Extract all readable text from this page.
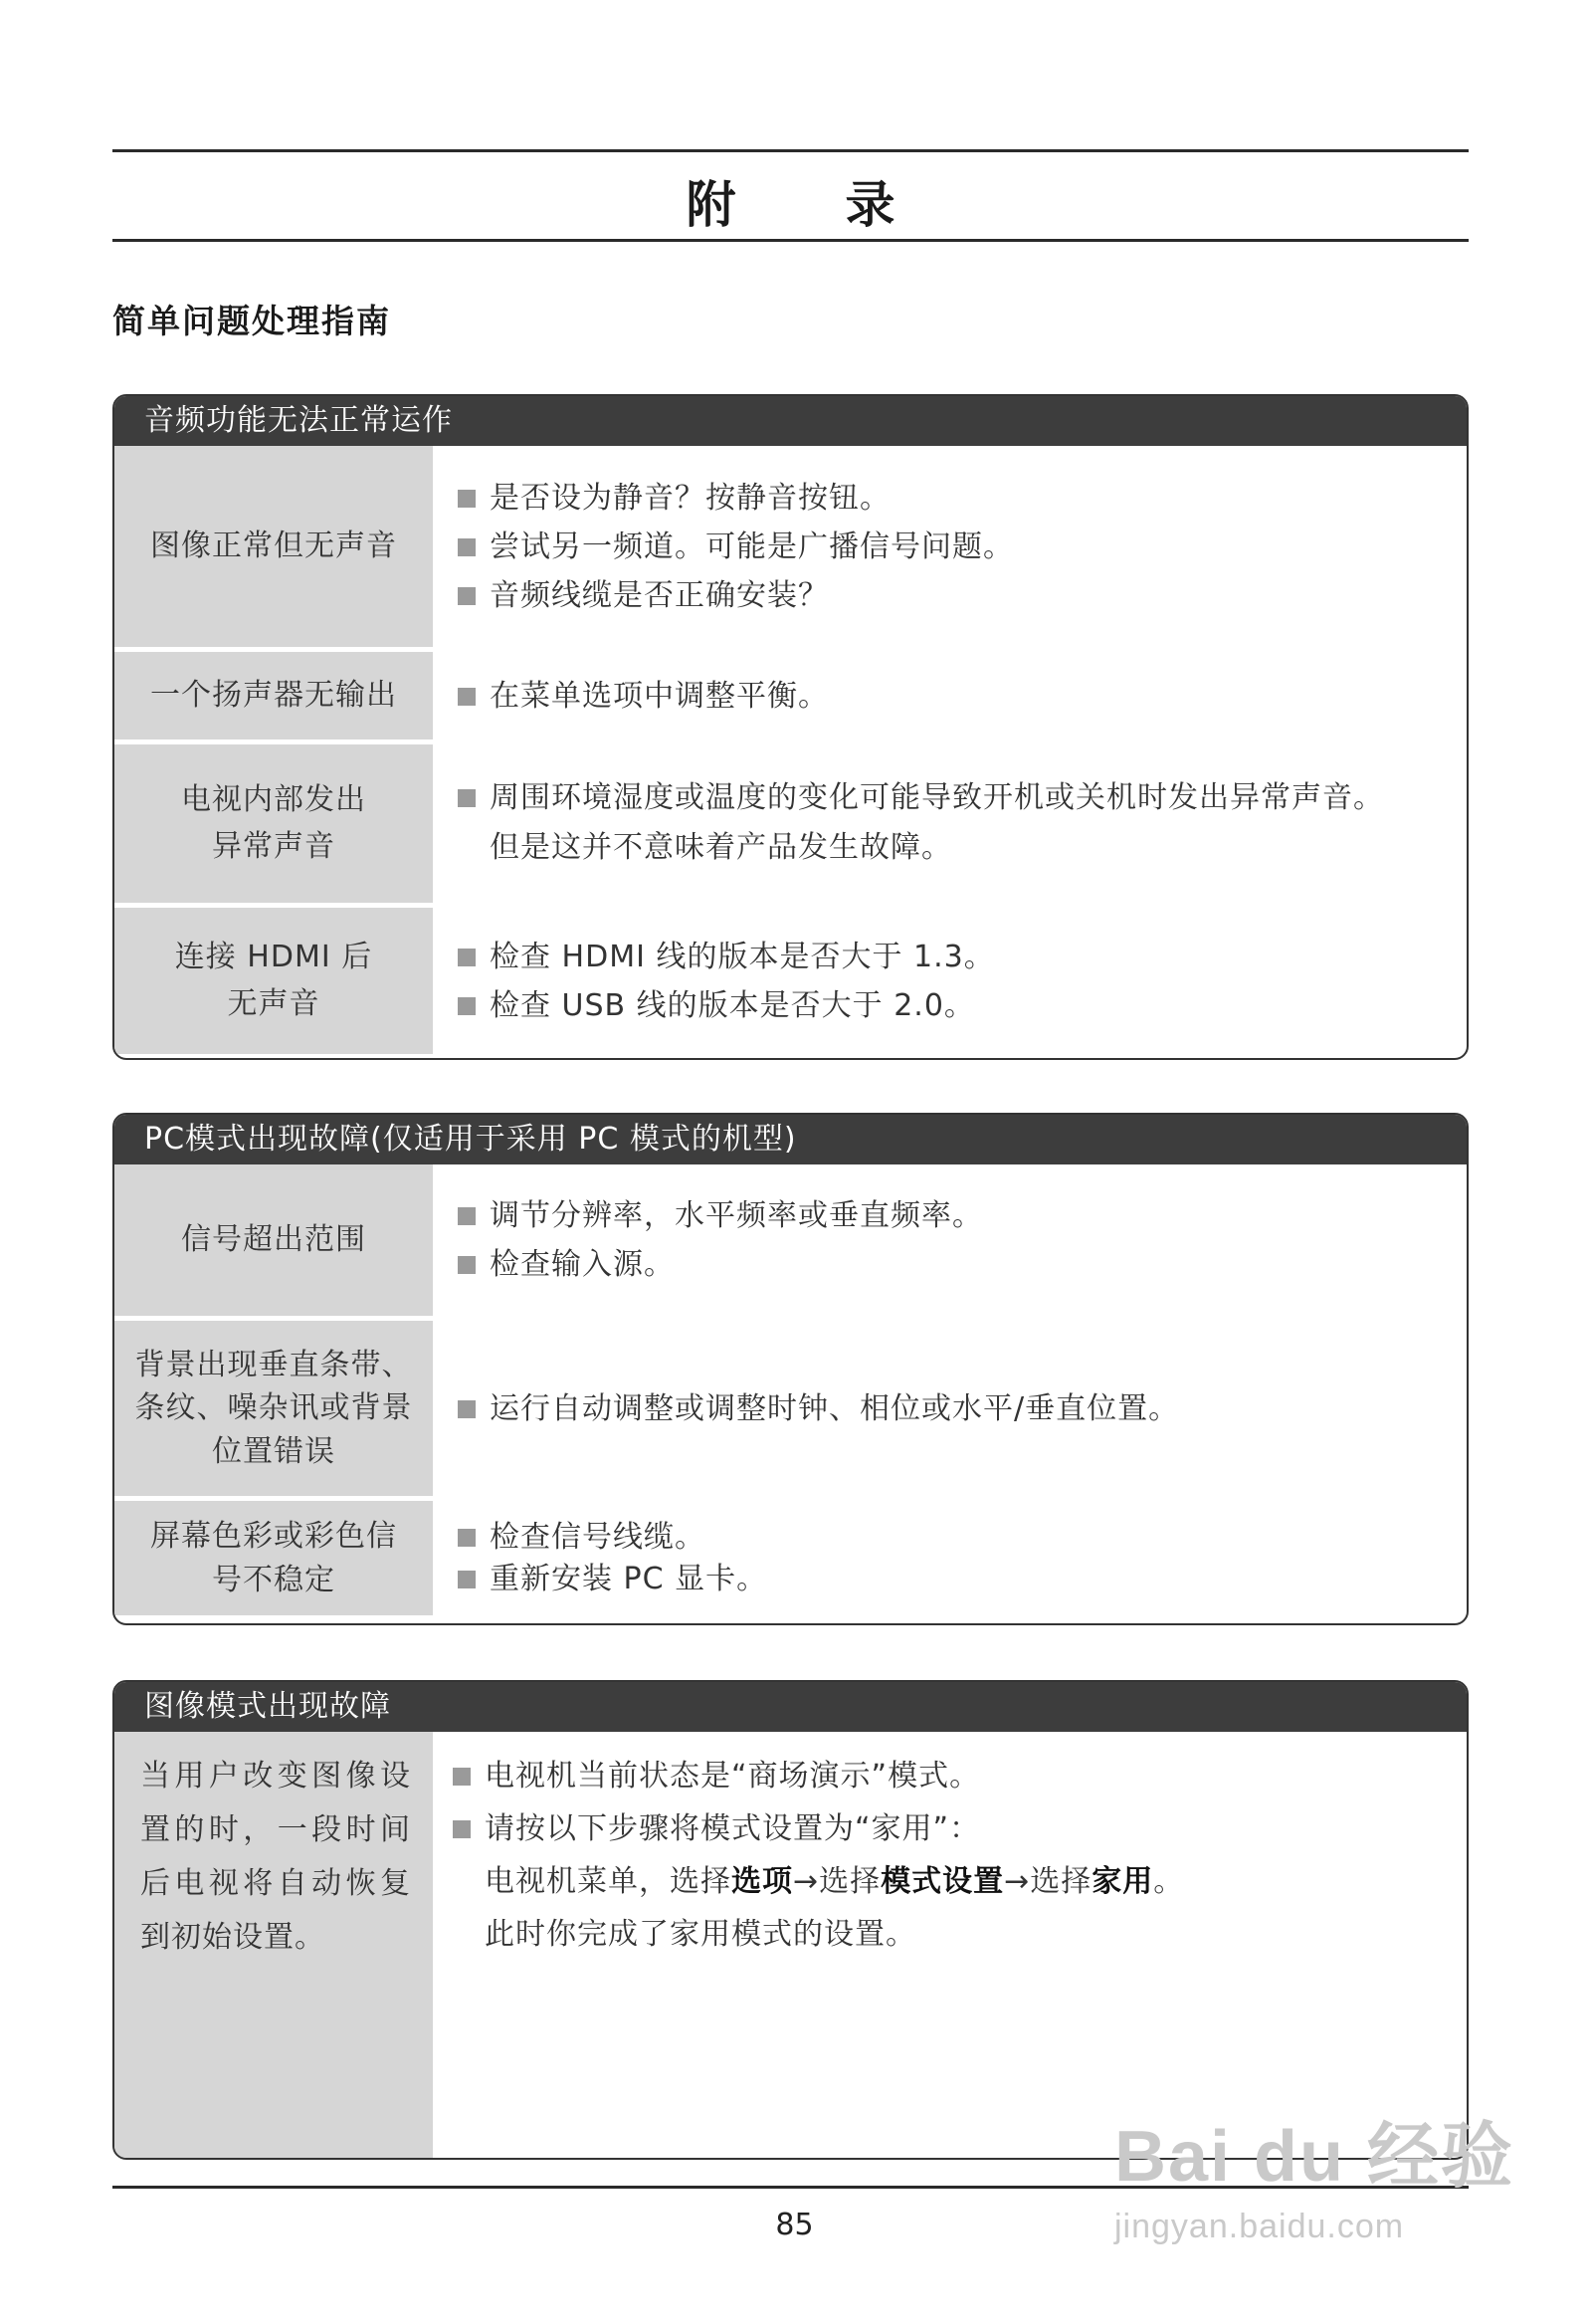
附 录
简单问题处理指南
音频功能无法正常运作
图像正常但无声音
是否设为静音？按静音按钮。
尝试另一频道。可能是广播信号问题。
音频线缆是否正确安装？
一个扬声器无输出	在菜单选项中调整平衡。
电视内部发出
异常声音
周围环境湿度或温度的变化可能导致开机或关机时发出异常声音。
但是这并不意味着产品发生故障。
连接 HDMI 后
无声音
检查 HDMI 线的版本是否大于 1.3。
检查 USB 线的版本是否大于 2.0。
PC模式出现故障(仅适用于采用 PC 模式的机型)
信号超出范围
调节分辨率，水平频率或垂直频率。
检查输入源。
背景出现垂直条带、
条纹、噪杂讯或背景
位置错误
运行自动调整或调整时钟、相位或水平/垂直位置。
屏幕色彩或彩色信
号不稳定
检查信号线缆。
重新安装 PC 显卡。
图像模式出现故障
当用户改变图像设置的时，一段时间后电视将自动恢复到初始设置。
电视机当前状态是“商场演示”模式。
请按以下步骤将模式设置为“家用”：
电视机菜单，选择选项→选择模式设置→选择家用。
此时你完成了家用模式的设置。
85
Bai du 经验
jingyan.baidu.com
